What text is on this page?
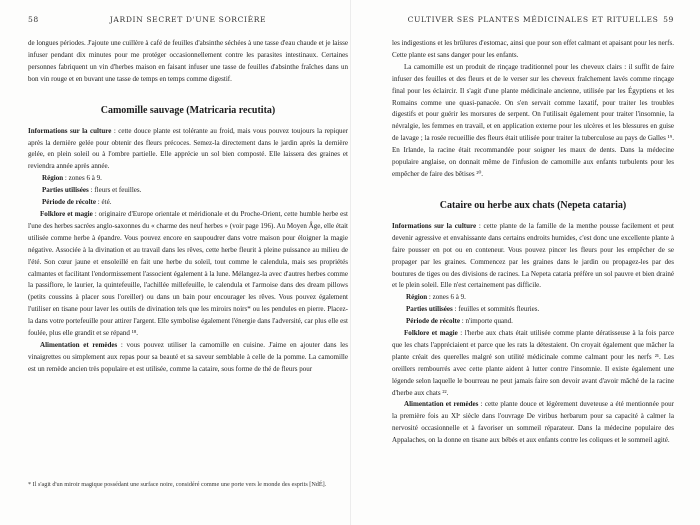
58	JARDIN SECRET D'UNE SORCIÈRE

de longues périodes. J'ajoute une cuillère à café de feuilles d'absinthe séchées à une tasse d'eau chaude et je laisse infuser pendant dix minutes pour me protéger occasionnellement contre les parasites intestinaux. Certaines personnes fabriquent un vin d'herbes maison en faisant infuser une tasse de feuilles d'absinthe fraîches dans un bon vin rouge et en buvant une tasse de temps en temps comme digestif.

Camomille sauvage (Matricaria recutita)

Informations sur la culture : cette douce plante est tolérante au froid, mais vous pouvez toujours la repiquer après la dernière gelée pour obtenir des fleurs précoces. Semez-la directement dans le jardin après la dernière gelée, en plein soleil ou à l'ombre partielle. Elle apprécie un sol bien composté. Elle laissera des graines et reviendra année après année.

Région : zones 6 à 9.

Parties utilisées : fleurs et feuilles.

Période de récolte : été.

Folklore et magie : originaire d'Europe orientale et méridionale et du Proche-Orient, cette humble herbe est l'une des herbes sacrées anglo-saxonnes du « charme des neuf herbes » (voir page 196). Au Moyen Âge, elle était utilisée comme herbe à épandre. Vous pouvez encore en saupoudrer dans votre maison pour éloigner la magie négative. Associée à la divination et au travail dans les rêves, cette herbe fleurit à pleine puissance au milieu de l'été. Son cœur jaune et ensoleillé en fait une herbe du soleil, tout comme le calendula, mais ses propriétés calmantes et facilitant l'endormissement l'associent également à la lune. Mélangez-la avec d'autres herbes comme la passiflore, le laurier, la quintefeuille, l'achillée millefeuille, le calendula et l'armoise dans des dream pillows (petits coussins à placer sous l'oreiller) ou dans un bain pour encourager les rêves. Vous pouvez également l'utiliser en tisane pour laver les outils de divination tels que les miroirs noirs* ou les pendules en pierre. Placez-la dans votre portefeuille pour attirer l'argent. Elle symbolise également l'énergie dans l'adversité, car plus elle est foulée, plus elle grandit et se répand ¹⁸.

Alimentation et remèdes : vous pouvez utiliser la camomille en cuisine. J'aime en ajouter dans les vinaigrettes ou simplement aux repas pour sa beauté et sa saveur semblable à celle de la pomme. La camomille est un remède ancien très populaire et est utilisée, comme la cataire, sous forme de thé de fleurs pour

* Il s'agit d'un miroir magique possédant une surface noire, considéré comme une porte vers le monde des esprits [NdÉ].
CULTIVER SES PLANTES MÉDICINALES ET RITUELLES 59

les indigestions et les brûlures d'estomac, ainsi que pour son effet calmant et apaisant pour les nerfs. Cette plante est sans danger pour les enfants.

La camomille est un produit de rinçage traditionnel pour les cheveux clairs : il suffit de faire infuser des feuilles et des fleurs et de le verser sur les cheveux fraîchement lavés comme rinçage final pour les éclaircir. Il s'agit d'une plante médicinale ancienne, utilisée par les Égyptiens et les Romains comme une quasi-panacée. On s'en servait comme laxatif, pour traiter les troubles digestifs et pour guérir les morsures de serpent. On l'utilisait également pour traiter l'insomnie, la névralgie, les femmes en travail, et en application externe pour les ulcères et les blessures en guise de lavage ; la rosée recueillie des fleurs était utilisée pour traiter la tuberculose au pays de Galles ¹⁹. En Irlande, la racine était recommandée pour soigner les maux de dents. Dans la médecine populaire anglaise, on donnait même de l'infusion de camomille aux enfants turbulents pour les empêcher de faire des bêtises ²⁰.

Cataire ou herbe aux chats (Nepeta cataria)

Informations sur la culture : cette plante de la famille de la menthe pousse facilement et peut devenir agressive et envahissante dans certains endroits humides, c'est donc une excellente plante à faire pousser en pot ou en conteneur. Vous pouvez pincer les fleurs pour les empêcher de se propager par les graines. Commencez par les graines dans le jardin ou propagez-les par des boutures de tiges ou des divisions de racines. La Nepeta cataria préfère un sol pauvre et bien drainé et le plein soleil. Elle n'est certainement pas difficile.

Région : zones 6 à 9.

Parties utilisées : feuilles et sommités fleuries.

Période de récolte : n'importe quand.

Folklore et magie : l'herbe aux chats était utilisée comme plante dératisseuse à la fois parce que les chats l'appréciaient et parce que les rats la détestaient. On croyait également que mâcher la plante créait des querelles malgré son utilité médicinale comme calmant pour les nerfs ²¹. Les oreillers rembourrés avec cette plante aident à lutter contre l'insomnie. Il existe également une légende selon laquelle le bourreau ne peut jamais faire son devoir avant d'avoir mâché de la racine d'herbe aux chats ²².

Alimentation et remèdes : cette plante douce et légèrement duveteuse a été mentionnée pour la première fois au XIᵉ siècle dans l'ouvrage De viribus herbarum pour sa capacité à calmer la nervosité occasionnelle et à favoriser un sommeil réparateur. Dans la médecine populaire des Appalaches, on la donne en tisane aux bébés et aux enfants contre les coliques et le sommeil agité.
